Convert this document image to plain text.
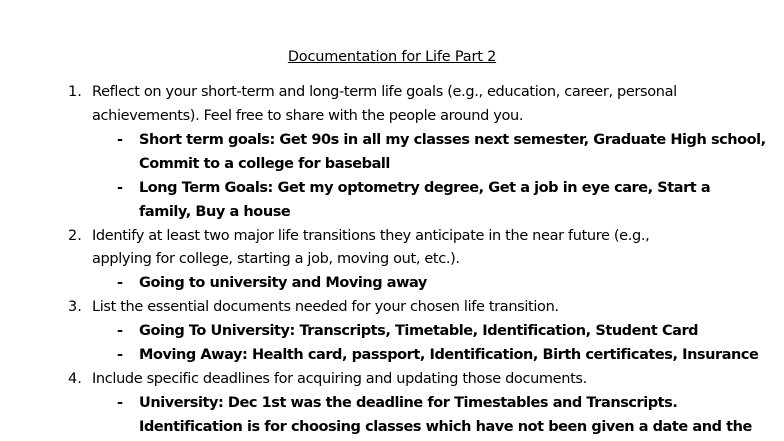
Documentation for Life Part 2
1. Reflect on your short-term and long-term life goals (e.g., education, career, personal
achievements). Feel free to share with the people around you.
- Short term goals: Get 90s in all my classes next semester, Graduate High school,
Commit to a college for baseball
- Long Term Goals: Get my optometry degree, Get a job in eye care, Start a
family, Buy a house
2. Identify at least two major life transitions they anticipate in the near future (e.g.,
applying for college, starting a job, moving out, etc.).
- Going to university and Moving away
3. List the essential documents needed for your chosen life transition.
- Going To University: Transcripts, Timetable, Identification, Student Card
- Moving Away: Health card, passport, Identification, Birth certificates, Insurance
4. Include specific deadlines for acquiring and updating those documents.
- University: Dec 1st was the deadline for Timestables and Transcripts.
Identification is for choosing classes which have not been given a date and the
